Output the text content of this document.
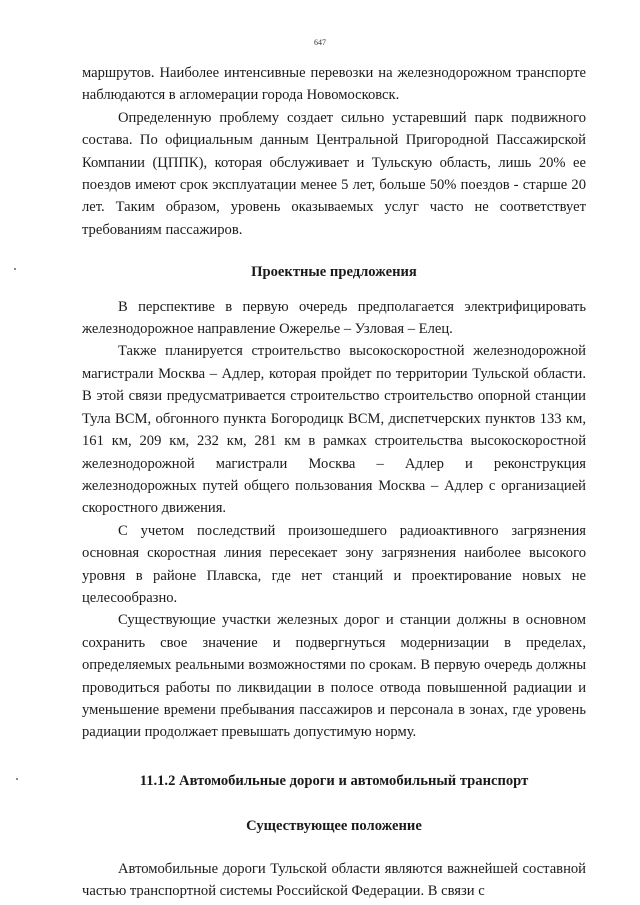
647

маршрутов. Наиболее интенсивные перевозки на железнодорожном транспорте наблюдаются в агломерации города Новомосковск.

Определенную проблему создает сильно устаревший парк подвижного состава. По официальным данным Центральной Пригородной Пассажирской Компании (ЦППК), которая обслуживает и Тульскую область, лишь 20% ее поездов имеют срок эксплуатации менее 5 лет, больше 50% поездов - старше 20 лет. Таким образом, уровень оказываемых услуг часто не соответствует требованиям пассажиров.

Проектные предложения

В перспективе в первую очередь предполагается электрифицировать железнодорожное направление Ожерелье – Узловая – Елец.

Также планируется строительство высокоскоростной железнодорожной магистрали Москва – Адлер, которая пройдет по территории Тульской области. В этой связи предусматривается строительство строительство опорной станции Тула ВСМ, обгонного пункта Богородицк ВСМ, диспетчерских пунктов 133 км, 161 км, 209 км, 232 км, 281 км в рамках строительства высокоскоростной железнодорожной магистрали Москва – Адлер и реконструкция железнодорожных путей общего пользования Москва – Адлер с организацией скоростного движения.

С учетом последствий произошедшего радиоактивного загрязнения основная скоростная линия пересекает зону загрязнения наиболее высокого уровня в районе Плавска, где нет станций и проектирование новых не целесообразно.

Существующие участки железных дорог и станции должны в основном сохранить свое значение и подвергнуться модернизации в пределах, определяемых реальными возможностями по срокам. В первую очередь должны проводиться работы по ликвидации в полосе отвода повышенной радиации и уменьшение времени пребывания пассажиров и персонала в зонах, где уровень радиации продолжает превышать допустимую норму.

11.1.2 Автомобильные дороги и автомобильный транспорт
Существующее положение

Автомобильные дороги Тульской области являются важнейшей составной частью транспортной системы Российской Федерации. В связи с
